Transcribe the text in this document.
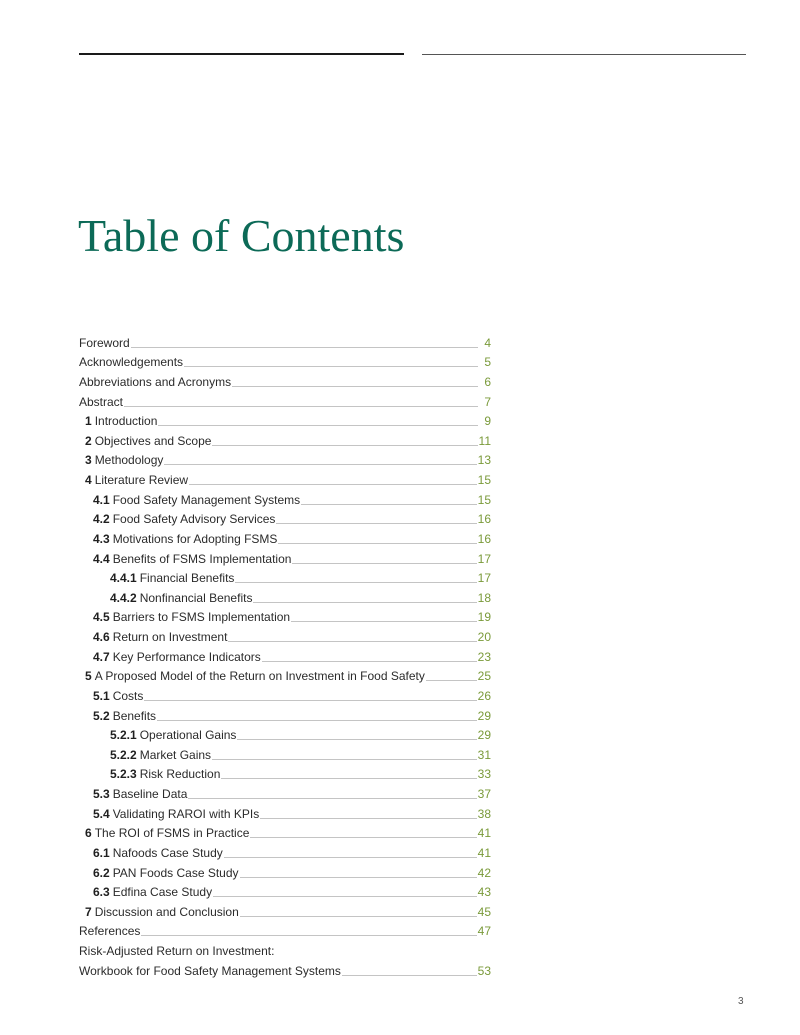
Table of Contents
Foreword	4
Acknowledgements	5
Abbreviations and Acronyms	6
Abstract	7
1 Introduction	9
2 Objectives and Scope	11
3 Methodology	13
4 Literature Review	15
4.1 Food Safety Management Systems	15
4.2 Food Safety Advisory Services	16
4.3 Motivations for Adopting FSMS	16
4.4 Benefits of FSMS Implementation	17
4.4.1 Financial Benefits	17
4.4.2 Nonfinancial Benefits	18
4.5 Barriers to FSMS Implementation	19
4.6 Return on Investment	20
4.7 Key Performance Indicators	23
5 A Proposed Model of the Return on Investment in Food Safety	25
5.1 Costs	26
5.2 Benefits	29
5.2.1 Operational Gains	29
5.2.2 Market Gains	31
5.2.3 Risk Reduction	33
5.3 Baseline Data	37
5.4 Validating RAROI with KPIs	38
6 The ROI of FSMS in Practice	41
6.1 Nafoods Case Study	41
6.2 PAN Foods Case Study	42
6.3 Edfina Case Study	43
7 Discussion and Conclusion	45
References	47
Risk-Adjusted Return on Investment:
Workbook for Food Safety Management Systems	53
3
